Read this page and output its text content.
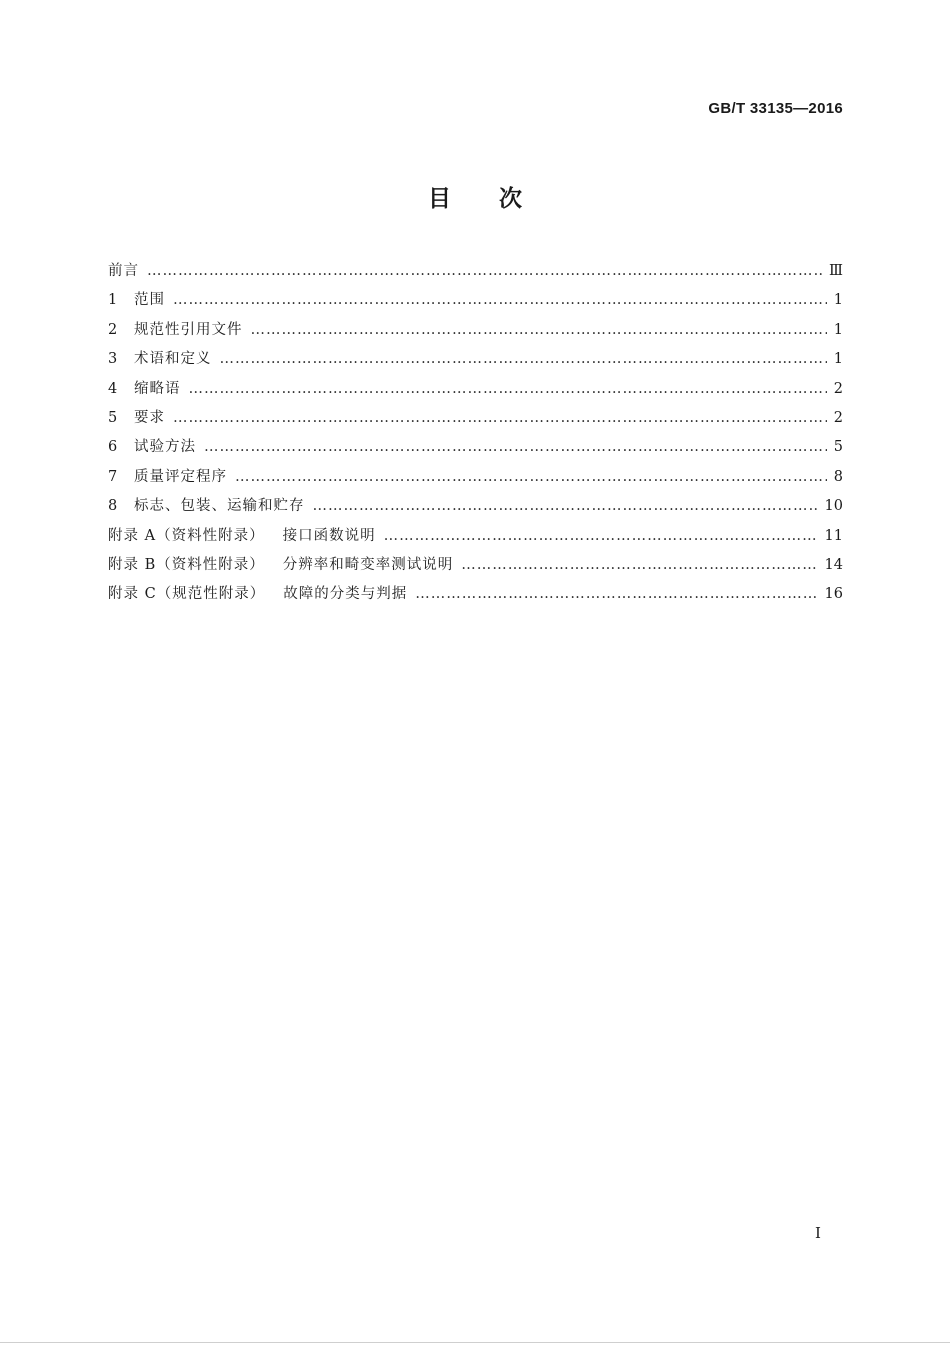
GB/T 33135—2016
目 次
前言 ……………………………………………………………………………………………………………………………………………………………………………………………	Ⅲ
1	范围 ……………………………………………………………………………………………………………………………………………………………………………………………	1
2	规范性引用文件 ……………………………………………………………………………………………………………………………………………………………………………………………	1
3	术语和定义 ……………………………………………………………………………………………………………………………………………………………………………………………	1
4	缩略语 ……………………………………………………………………………………………………………………………………………………………………………………………	2
5	要求 ……………………………………………………………………………………………………………………………………………………………………………………………	2
6	试验方法 ……………………………………………………………………………………………………………………………………………………………………………………………	5
7	质量评定程序 ……………………………………………………………………………………………………………………………………………………………………………………………	8
8	标志、包装、运输和贮存 ……………………………………………………………………………………………………………………………………………………………………………………………	10
附录 A（资料性附录） 接口函数说明 ……………………………………………………………………………………………………………………………………………………………………………………………	11
附录 B（资料性附录） 分辨率和畸变率测试说明 ……………………………………………………………………………………………………………………………………………………………………………………………	14
附录 C（规范性附录） 故障的分类与判据 ……………………………………………………………………………………………………………………………………………………………………………………………	16
I
